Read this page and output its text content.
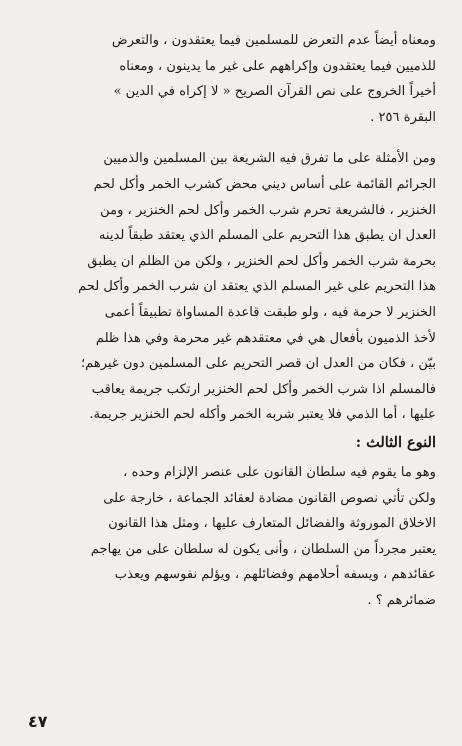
ومعناه أيضاً عدم التعرض للمسلمين فيما يعتقدون ، والتعرض
للذميين فيما يعتقدون وإكراههم على غير ما يدينون ، ومعناه
أخيراً الخروج على نص القرآن الصريح « لا إكراه في الدين »
البقرة ٢٥٦ .

ومن الأمثلة على ما تفرق فيه الشريعة بين المسلمين والذميين
الجرائم القائمة على أساس ديني محض كشرب الخمر وأكل لحم
الخنزير ، فالشريعة تحرم شرب الخمر وأكل لحم الخنزير ، ومن
العدل ان يطبق هذا التحريم على المسلم الذي يعتقد طبقاً لدينه
بحرمة شرب الخمر وأكل لحم الخنزير ، ولكن من الظلم ان يطبق
هذا التحريم على غير المسلم الذي يعتقد ان شرب الخمر وأكل لحم
الخنزير لا حرمة فيه ، ولو طبقت قاعدة المساواة تطبيقاً أعمى
لأخذ الذميون بأفعال هي في معتقدهم غير محرمة وفي هذا ظلم
بيّن ، فكان من العدل ان قصر التحريم على المسلمين دون غيرهم؛
فالمسلم اذا شرب الخمر وأكل لحم الخنزير ارتكب جريمة يعاقب
عليها ، أما الذمي فلا يعتبر شربه الخمر وأكله لحم الخنزير جريمة.

النوع الثالث :

وهو ما يقوم فيه سلطان القانون على عنصر الإلزام وحده ،
ولكن تأتي نصوص القانون مضادة لعقائد الجماعة ، خارجة على
الاخلاق الموروثة والفضائل المتعارف عليها ، ومثل هذا القانون
يعتبر مجرداً من السلطان ، وأنى يكون له سلطان على من يهاجم
عقائدهم ، ويسفه أحلامهم وفضائلهم ، ويؤلم نفوسهم ويعذب
ضمائرهم ؟ .

٤٧
